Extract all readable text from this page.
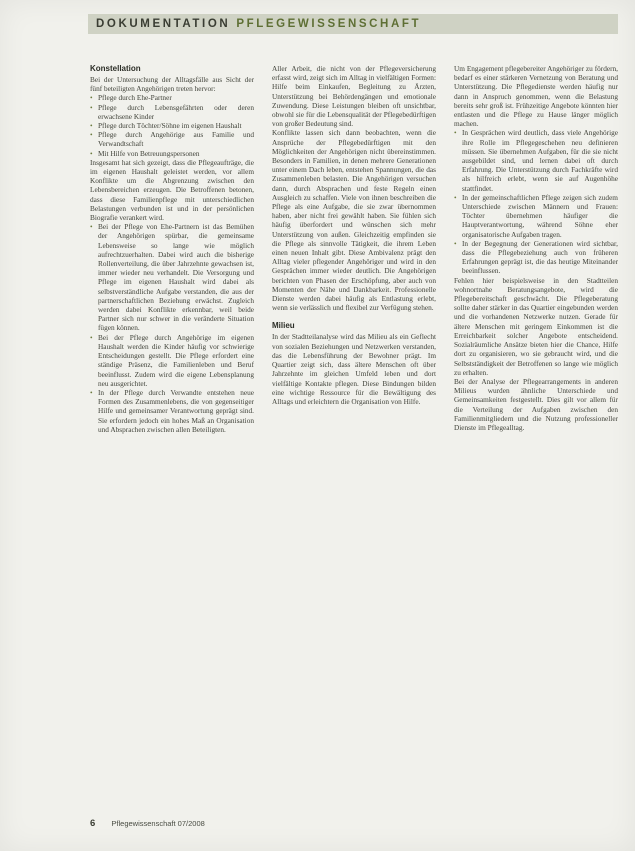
DOKUMENTATION PFLEGEWISSENSCHAFT
Konstellation

Bei der Untersuchung der Alltagsfälle aus Sicht der fünf beteiligten Angehörigen treten hervor:

• Pflege durch Ehe-Partner
• Pflege durch Lebensgefährten oder deren erwachsene Kinder
• Pflege durch Töchter/Söhne im eigenen Haushalt
• Pflege durch Angehörige aus Familie und Verwandtschaft
• Mit Hilfe von Betreuungspersonen

Insgesamt hat sich gezeigt, dass die Pflegeaufträge, die im eigenen Haushalt geleistet werden, vor allem Konflikte um die Abgrenzung zwischen den Lebensbereichen erzeugen. Die Betroffenen betonen, dass diese Familienpflege mit unterschiedlichen Belastungen verbunden ist und in der persönlichen Biografie verankert wird.

• Bei der Pflege von Ehe-Partnern ist das Bemühen der Angehörigen spürbar, die gemeinsame Lebensweise so lange wie möglich aufrechtzuerhalten. Dabei wird auch die bisherige Rollenverteilung, die über Jahrzehnte gewachsen ist, immer wieder neu verhandelt. Die Versorgung und Pflege im eigenen Haushalt wird dabei als selbstverständliche Aufgabe verstanden, die aus der partnerschaftlichen Beziehung erwächst. Zugleich werden dabei Konflikte erkennbar, weil beide Partner sich nur schwer in die veränderte Situation fügen können.
• Bei der Pflege durch Angehörige im eigenen Haushalt werden die Kinder häufig vor schwierige Entscheidungen gestellt. Die Pflege erfordert eine ständige Präsenz, die Familienleben und Beruf beeinflusst. Zudem wird die eigene Lebensplanung neu ausgerichtet.
• In der Pflege durch Verwandte entstehen neue Formen des Zusammenlebens, die von gegenseitiger Hilfe und gemeinsamer Verantwortung geprägt sind. Sie erfordern jedoch ein hohes Maß an Organisation und Absprachen zwischen allen Beteiligten.

Aller Arbeit, die nicht von der Pflegeversicherung erfasst wird, zeigt sich im Alltag in vielfältigen Formen: Hilfe beim Einkaufen, Begleitung zu Ärzten, Unterstützung bei Behördengängen und emotionale Zuwendung. Diese Leistungen bleiben oft unsichtbar, obwohl sie für die Lebensqualität der Pflegebedürftigen von großer Bedeutung sind.

Konflikte lassen sich dann beobachten, wenn die Ansprüche der Pflegebedürftigen mit den Möglichkeiten der Angehörigen nicht übereinstimmen. Besonders in Familien, in denen mehrere Generationen unter einem Dach leben, entstehen Spannungen, die das Zusammenleben belasten. Die Angehörigen versuchen dann, durch Absprachen und feste Regeln einen Ausgleich zu schaffen. Viele von ihnen beschreiben die Pflege als eine Aufgabe, die sie zwar übernommen haben, aber nicht frei gewählt haben. Sie fühlen sich häufig überfordert und wünschen sich mehr Unterstützung von außen. Gleichzeitig empfinden sie die Pflege als sinnvolle Tätigkeit, die ihrem Leben einen neuen Inhalt gibt. Diese Ambivalenz prägt den Alltag vieler pflegender Angehöriger und wird in den Gesprächen immer wieder deutlich. Die Angehörigen berichten von Phasen der Erschöpfung, aber auch von Momenten der Nähe und Dankbarkeit. Professionelle Dienste werden dabei häufig als Entlastung erlebt, wenn sie verlässlich und flexibel zur Verfügung stehen.

Milieu

In der Stadtteilanalyse wird das Milieu als ein Geflecht von sozialen Beziehungen und Netzwerken verstanden, das die Lebensführung der Bewohner prägt. Im Quartier zeigt sich, dass ältere Menschen oft über Jahrzehnte im gleichen Umfeld leben und dort vielfältige Kontakte pflegen. Diese Bindungen bilden eine wichtige Ressource für die Bewältigung des Alltags und erleichtern die Organisation von Hilfe.

Um Engagement pflegebereiter Angehöriger zu fördern, bedarf es einer stärkeren Vernetzung von Beratung und Unterstützung. Die Pflegedienste werden häufig nur dann in Anspruch genommen, wenn die Belastung bereits sehr groß ist. Frühzeitige Angebote könnten hier entlasten und die Pflege zu Hause länger möglich machen.

• In Gesprächen wird deutlich, dass viele Angehörige ihre Rolle im Pflegegeschehen neu definieren müssen. Sie übernehmen Aufgaben, für die sie nicht ausgebildet sind, und lernen dabei oft durch Erfahrung. Die Unterstützung durch Fachkräfte wird als hilfreich erlebt, wenn sie auf Augenhöhe stattfindet.
• In der gemeinschaftlichen Pflege zeigen sich zudem Unterschiede zwischen Männern und Frauen: Töchter übernehmen häufiger die Hauptverantwortung, während Söhne eher organisatorische Aufgaben tragen.
• In der Begegnung der Generationen wird sichtbar, dass die Pflegebeziehung auch von früheren Erfahrungen geprägt ist, die das heutige Miteinander beeinflussen.

Fehlen hier beispielsweise in den Stadtteilen wohnortnahe Beratungsangebote, wird die Pflegebereitschaft geschwächt. Die Pflegeberatung sollte daher stärker in das Quartier eingebunden werden und die vorhandenen Netzwerke nutzen. Gerade für ältere Menschen mit geringem Einkommen ist die Erreichbarkeit solcher Angebote entscheidend. Sozialräumliche Ansätze bieten hier die Chance, Hilfe dort zu organisieren, wo sie gebraucht wird, und die Selbstständigkeit der Betroffenen so lange wie möglich zu erhalten.

Bei der Analyse der Pflegearrangements in anderen Milieus wurden ähnliche Unterschiede und Gemeinsamkeiten festgestellt. Dies gilt vor allem für die Verteilung der Aufgaben zwischen den Familienmitgliedern und die Nutzung professioneller Dienste im Pflegealltag.

6 Pflegewissenschaft 07/2008
